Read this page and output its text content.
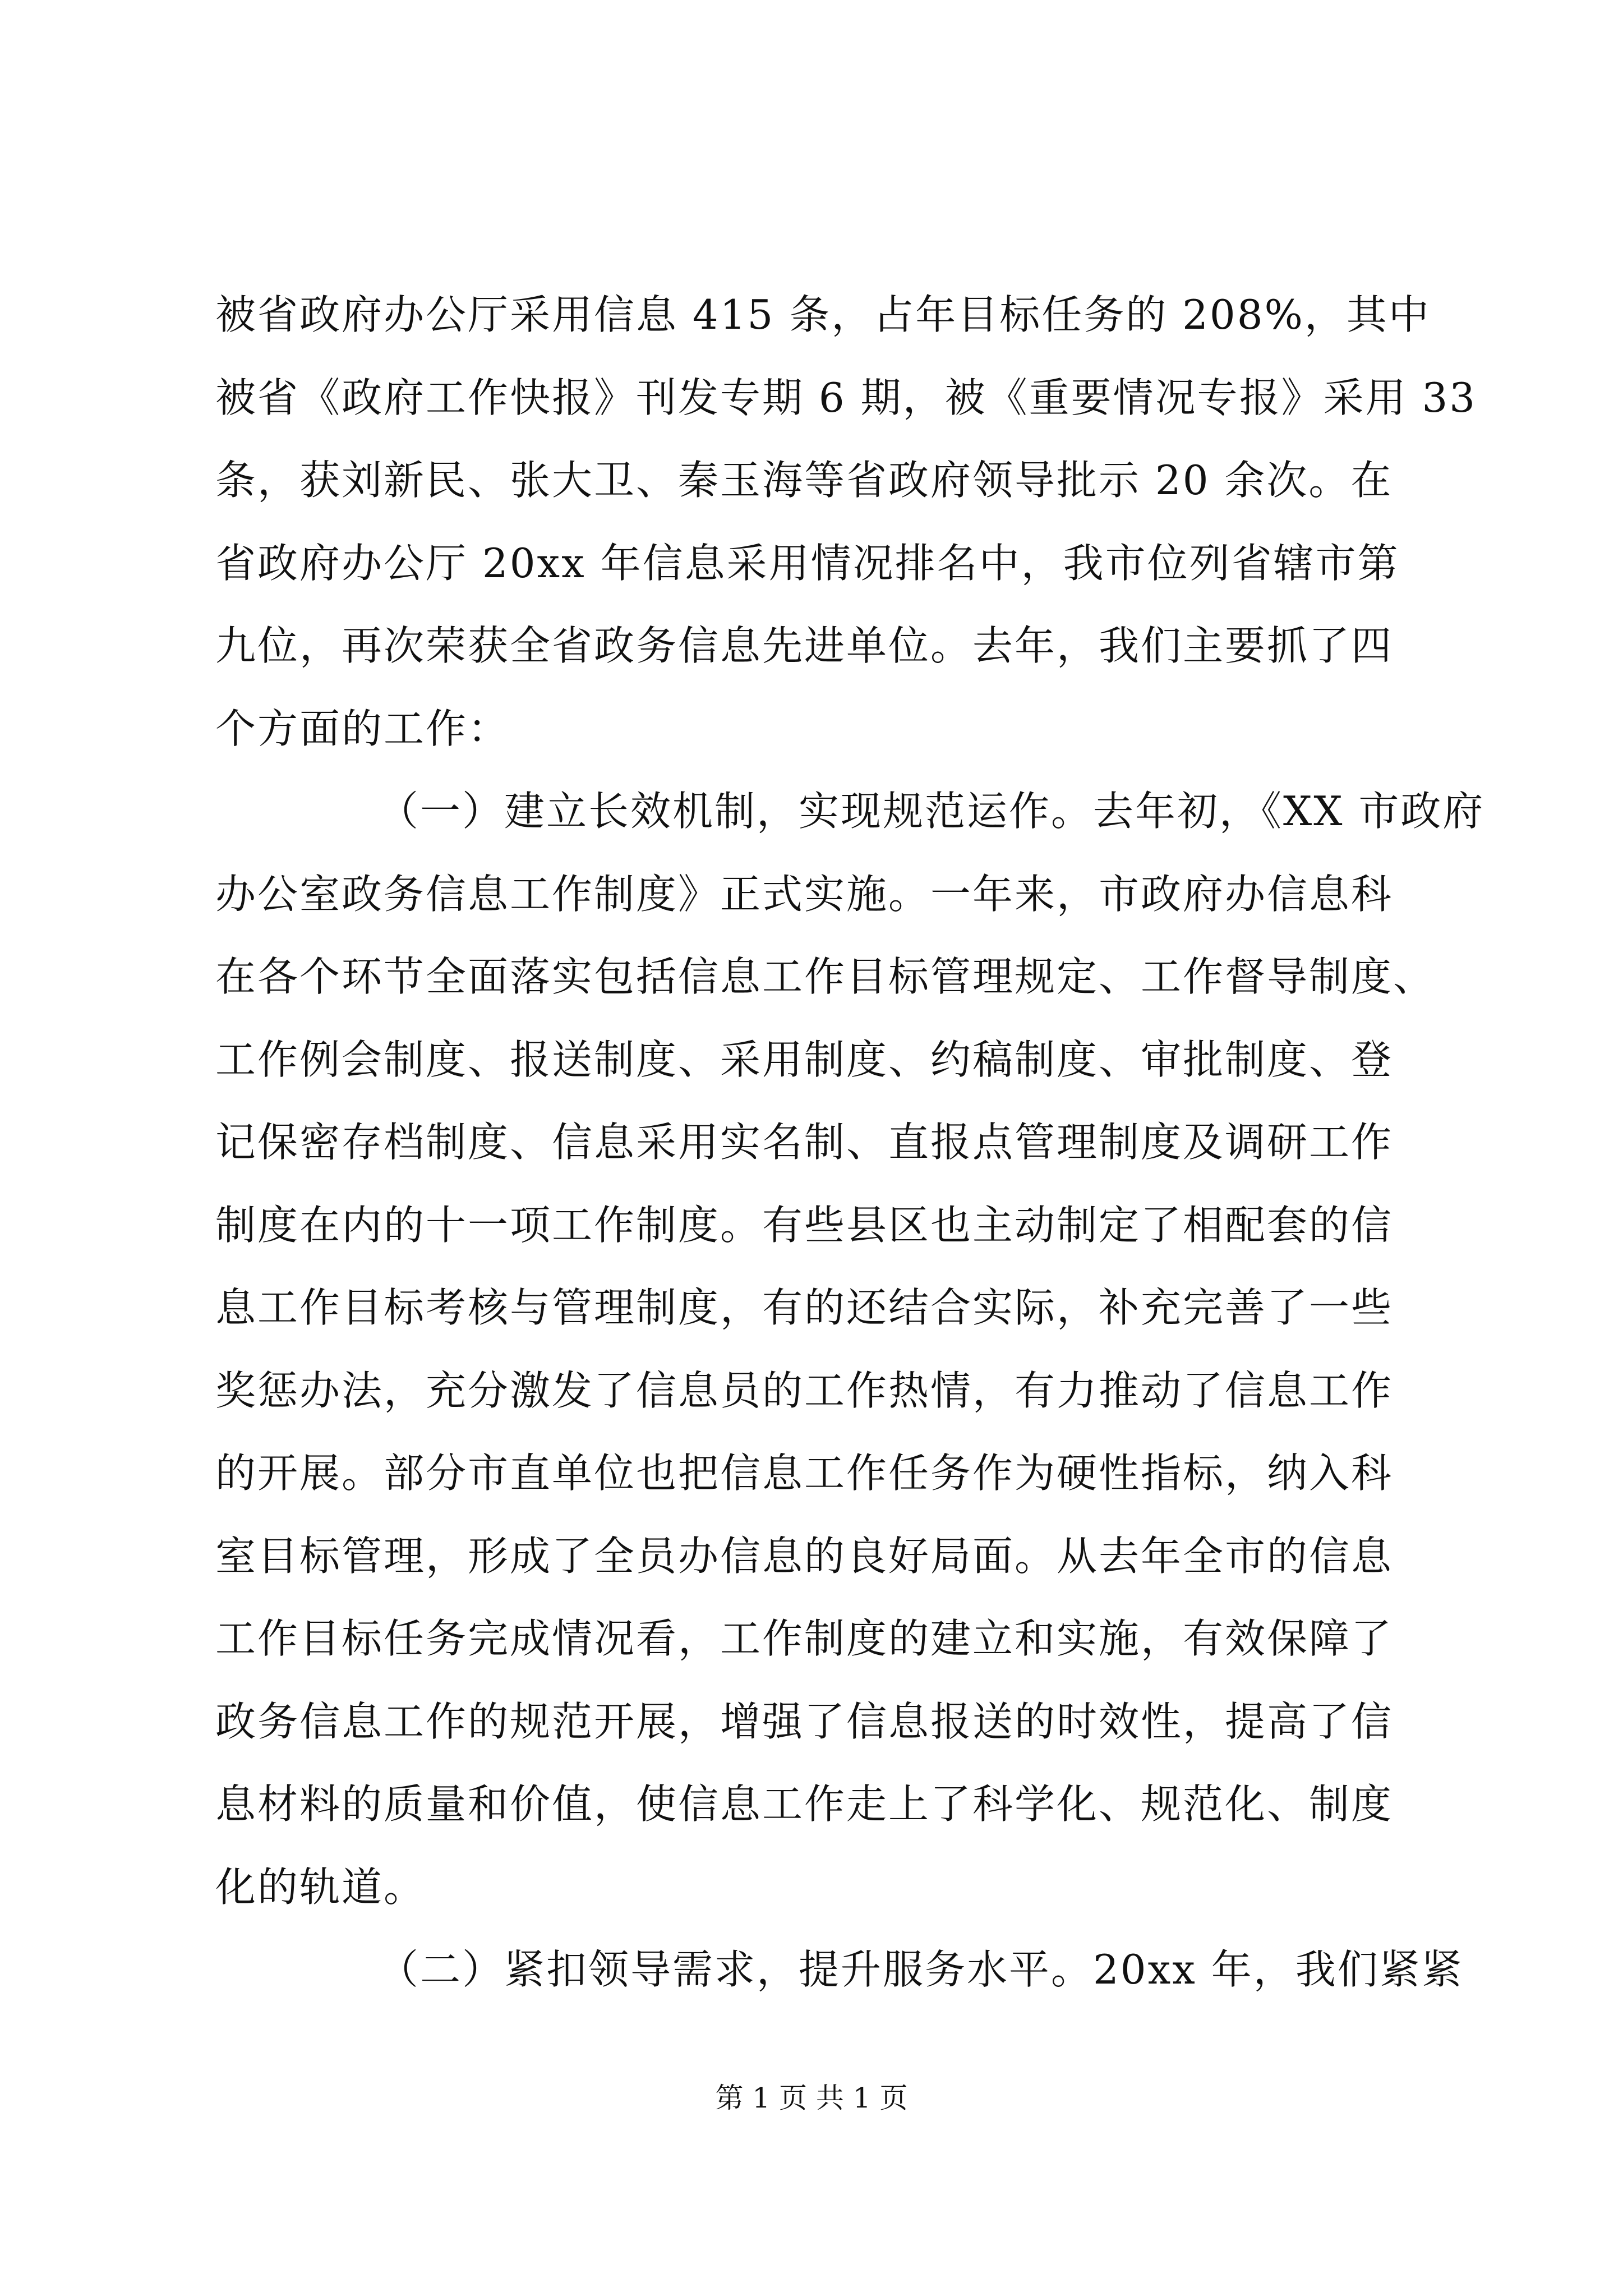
被省政府办公厅采用信息 415 条，占年目标任务的 208%，其中
被省《政府工作快报》刊发专期 6 期，被《重要情况专报》采用 33
条，获刘新民、张大卫、秦玉海等省政府领导批示 20 余次。在
省政府办公厅 20xx 年信息采用情况排名中，我市位列省辖市第
九位，再次荣获全省政务信息先进单位。去年，我们主要抓了四
个方面的工作：
（一）建立长效机制，实现规范运作。去年初，《XX 市政府
办公室政务信息工作制度》正式实施。一年来，市政府办信息科
在各个环节全面落实包括信息工作目标管理规定、工作督导制度、
工作例会制度、报送制度、采用制度、约稿制度、审批制度、登
记保密存档制度、信息采用实名制、直报点管理制度及调研工作
制度在内的十一项工作制度。有些县区也主动制定了相配套的信
息工作目标考核与管理制度，有的还结合实际，补充完善了一些
奖惩办法，充分激发了信息员的工作热情，有力推动了信息工作
的开展。部分市直单位也把信息工作任务作为硬性指标，纳入科
室目标管理，形成了全员办信息的良好局面。从去年全市的信息
工作目标任务完成情况看，工作制度的建立和实施，有效保障了
政务信息工作的规范开展，增强了信息报送的时效性，提高了信
息材料的质量和价值，使信息工作走上了科学化、规范化、制度
化的轨道。
（二）紧扣领导需求，提升服务水平。20xx 年，我们紧紧
第 1 页 共 1 页
